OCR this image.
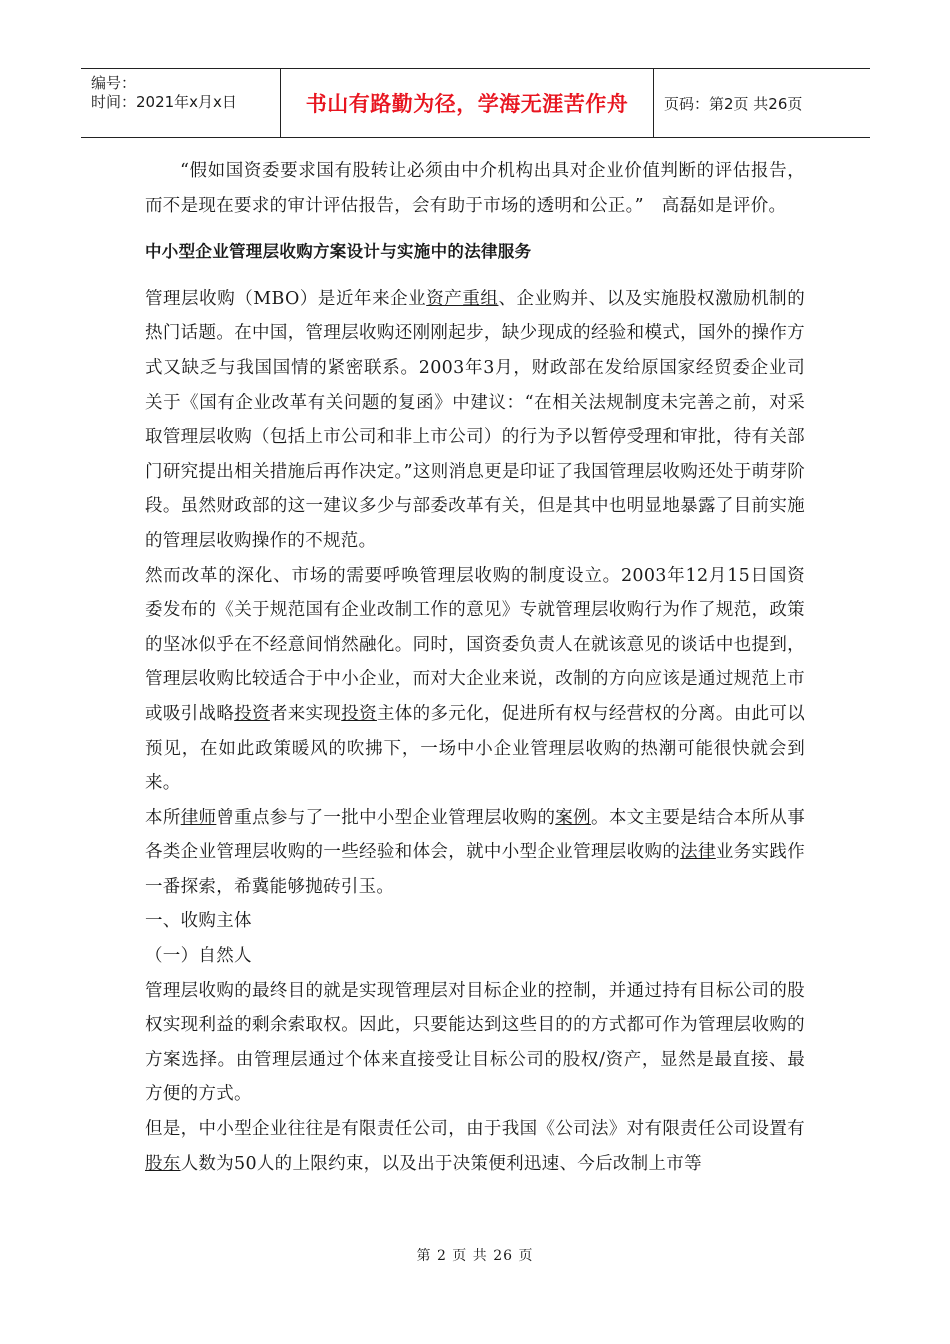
编号：
时间：2021年x月x日	书山有路勤为径，学海无涯苦作舟	页码：第2页 共26页

“假如国资委要求国有股转让必须由中介机构出具对企业价值判断的评估报告，而不是现在要求的审计评估报告，会有助于市场的透明和公正。”　高磊如是评价。

中小型企业管理层收购方案设计与实施中的法律服务

管理层收购（MBO）是近年来企业资产重组、企业购并、以及实施股权激励机制的热门话题。在中国，管理层收购还刚刚起步，缺少现成的经验和模式，国外的操作方式又缺乏与我国国情的紧密联系。2003年3月，财政部在发给原国家经贸委企业司关于《国有企业改革有关问题的复函》中建议：“在相关法规制度未完善之前，对采取管理层收购（包括上市公司和非上市公司）的行为予以暂停受理和审批，待有关部门研究提出相关措施后再作决定。”这则消息更是印证了我国管理层收购还处于萌芽阶段。虽然财政部的这一建议多少与部委改革有关，但是其中也明显地暴露了目前实施的管理层收购操作的不规范。

然而改革的深化、市场的需要呼唤管理层收购的制度设立。2003年12月15日国资委发布的《关于规范国有企业改制工作的意见》专就管理层收购行为作了规范，政策的坚冰似乎在不经意间悄然融化。同时，国资委负责人在就该意见的谈话中也提到，管理层收购比较适合于中小企业，而对大企业来说，改制的方向应该是通过规范上市或吸引战略投资者来实现投资主体的多元化，促进所有权与经营权的分离。由此可以预见，在如此政策暖风的吹拂下，一场中小企业管理层收购的热潮可能很快就会到来。

本所律师曾重点参与了一批中小型企业管理层收购的案例。本文主要是结合本所从事各类企业管理层收购的一些经验和体会，就中小型企业管理层收购的法律业务实践作一番探索，希冀能够抛砖引玉。

一、收购主体

（一）自然人

管理层收购的最终目的就是实现管理层对目标企业的控制，并通过持有目标公司的股权实现利益的剩余索取权。因此，只要能达到这些目的的方式都可作为管理层收购的方案选择。由管理层通过个体来直接受让目标公司的股权/资产，显然是最直接、最方便的方式。

但是，中小型企业往往是有限责任公司，由于我国《公司法》对有限责任公司设置有股东人数为50人的上限约束，以及出于决策便利迅速、今后改制上市等

第 2 页 共 26 页
